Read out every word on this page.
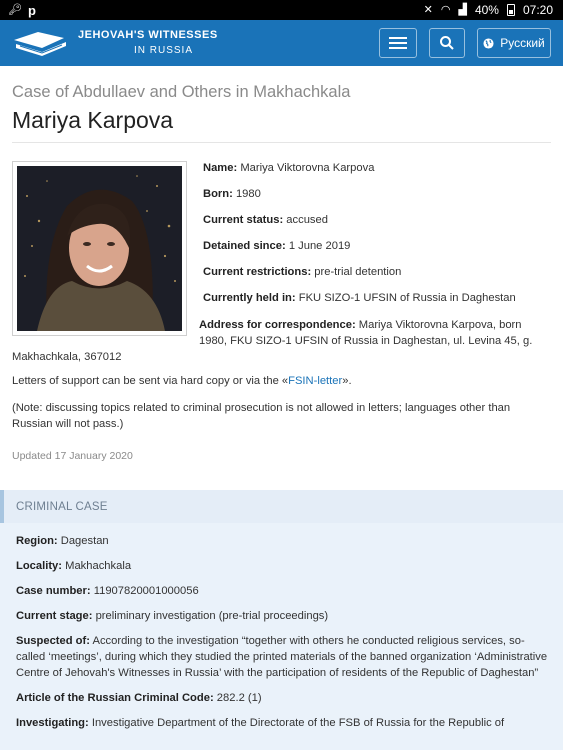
🔑︎ p	✕ ◠ ▟ 40% 07:20
JEHOVAH'S WITNESSES
IN RUSSIA
Русский
Case of Abdullaev and Others in Makhachkala
Mariya Karpova
Name: Mariya Viktorovna Karpova
Born: 1980
Current status: accused
Detained since: 1 June 2019
Current restrictions: pre-trial detention
Currently held in: FKU SIZO-1 UFSIN of Russia in Daghestan
Address for correspondence: Mariya Viktorovna Karpova, born 1980, FKU SIZO-1 UFSIN of Russia in Daghestan, ul. Levina 45, g. Makhachkala, 367012

Letters of support can be sent via hard copy or via the «FSIN-letter».

(Note: discussing topics related to criminal prosecution is not allowed in letters; languages other than Russian will not pass.)

Updated 17 January 2020

CRIMINAL CASE
Region: Dagestan
Locality: Makhachkala
Case number: 11907820001000056
Current stage: preliminary investigation (pre-trial proceedings)
Suspected of: According to the investigation “together with others he conducted religious services, so-called ‘meetings’, during which they studied the printed materials of the banned organization ‘Administrative Centre of Jehovah's Witnesses in Russia’ with the participation of residents of the Republic of Daghestan”
Article of the Russian Criminal Code: 282.2 (1)
Investigating: Investigative Department of the Directorate of the FSB of Russia for the Republic of
